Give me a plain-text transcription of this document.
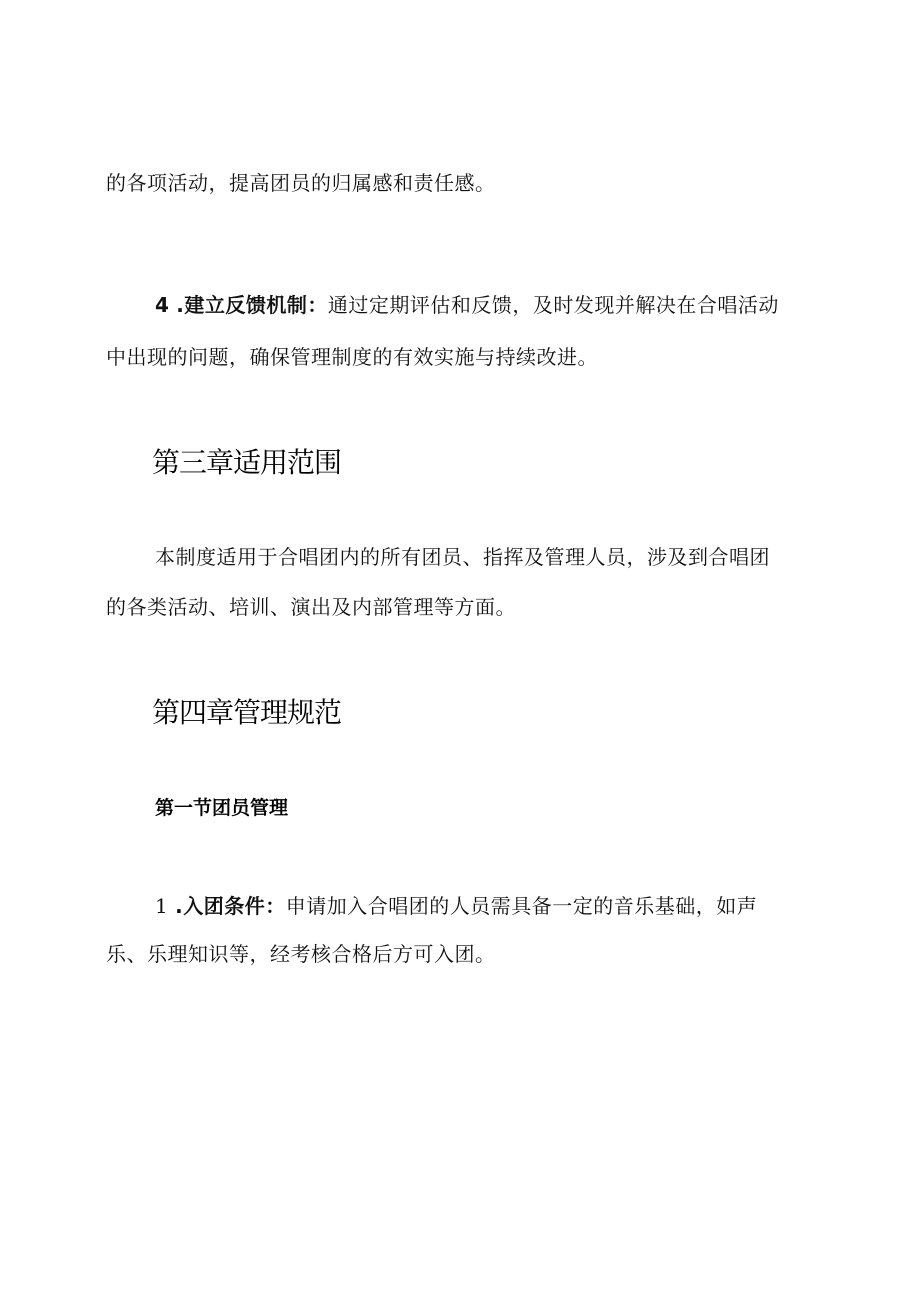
的各项活动，提高团员的归属感和责任感。
4 .建立反馈机制：通过定期评估和反馈，及时发现并解决在合唱活动
中出现的问题，确保管理制度的有效实施与持续改进。
第三章适用范围
本制度适用于合唱团内的所有团员、指挥及管理人员，涉及到合唱团
的各类活动、培训、演出及内部管理等方面。
第四章管理规范
第一节团员管理
1 .入团条件：申请加入合唱团的人员需具备一定的音乐基础，如声
乐、乐理知识等，经考核合格后方可入团。
